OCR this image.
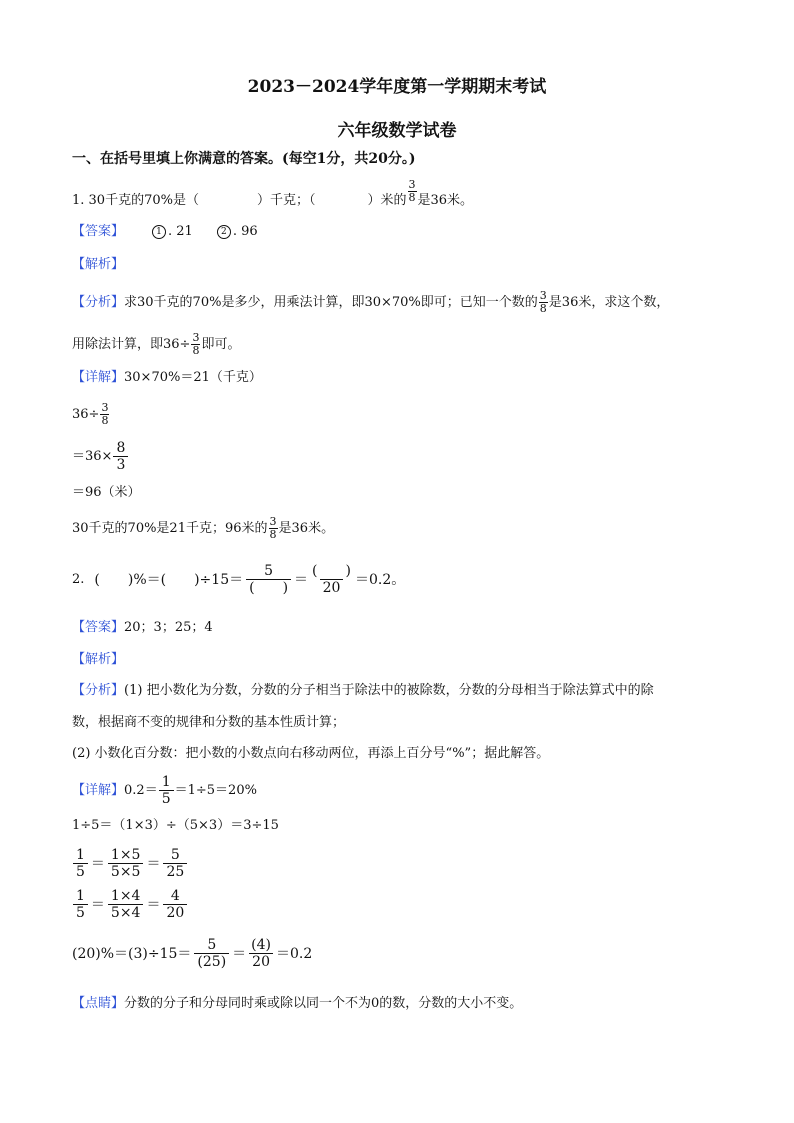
2023－2024学年度第一学期期末考试
六年级数学试卷
一、在括号里填上你满意的答案。(每空1分，共20分。)
1. 30千克的70%是（	）千克；（	）米的 $\frac{3}{8}$ 是36米。
【答案】	1 . 21	2 . 96
【解析】
【分析】 求30千克的70%是多少，用乘法计算，即30×70%即可；已知一个数的 $\frac{3}{8}$ 是36米，求这个数，
用除法计算，即$36\div \frac{3}{8}$ 即可。
【详解】30×70%＝21（千克）
$36\div \frac{3}{8}$
$=36\times \frac{8}{3}$
＝96（米）
30千克的70%是21千克；96米的 $\frac{3}{8}$ 是36米。
2. (　　)%＝(　　)$\div 15= \frac{5}{( )} = \frac{( )}{20} =0.2$。
【答案】20；3；25；4
【解析】
【分析】(1) 把小数化为分数，分数的分子相当于除法中的被除数，分数的分母相当于除法算式中的除
数，根据商不变的规律和分数的基本性质计算；
(2) 小数化百分数：把小数的小数点向右移动两位，再添上百分号“%”；据此解答。
【详解】 $0.2= \frac{1}{5} =1\div 5=20\%$
1÷5＝（1×3）÷（5×3）＝3÷15
$\frac{1}{5} = \frac{1\times 5}{5\times 5} = \frac{5}{25}$
$\frac{1}{5} = \frac{1\times 4}{5\times 4} = \frac{4}{20}$
$(20)\%=(3)\div 15= \frac{5}{(25)} = \frac{(4)}{20} =0.2$
【点睛】分数的分子和分母同时乘或除以同一个不为0的数，分数的大小不变。
